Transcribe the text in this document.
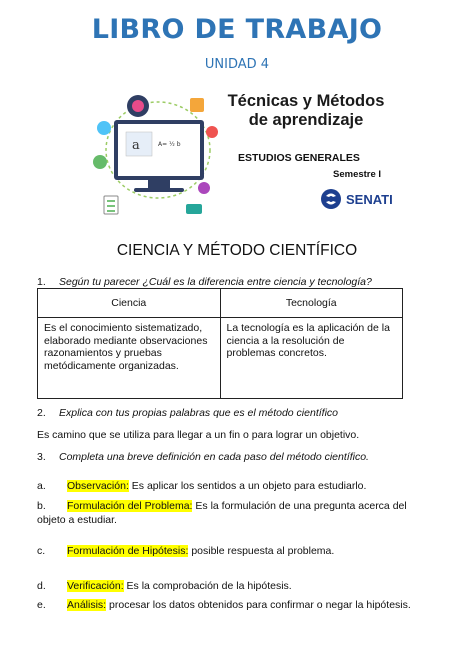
LIBRO DE TRABAJO
UNIDAD 4
a	A= ½ b
Técnicas y Métodos
de aprendizaje
ESTUDIOS GENERALES
Semestre I
SENATI
CIENCIA Y MÉTODO CIENTÍFICO
1. Según tu parecer ¿Cuál es la diferencia entre ciencia y tecnología?
Ciencia	Tecnología
Es el conocimiento sistematizado, elaborado mediante observaciones razonamientos y pruebas metódicamente organizadas.	La tecnología es la aplicación de la ciencia a la resolución de problemas concretos.
2. Explica con tus propias palabras que es el método científico
Es camino que se utiliza para llegar a un fin o para lograr un objetivo.
3. Completa una breve definición en cada paso del método científico.
a. Observación: Es aplicar los sentidos a un objeto para estudiarlo.
b. Formulación del Problema: Es la formulación de una pregunta acerca del objeto a estudiar.
c. Formulación de Hipótesis: posible respuesta al problema.
d. Verificación: Es la comprobación de la hipótesis.
e. Análisis: procesar los datos obtenidos para confirmar o negar la hipótesis.
